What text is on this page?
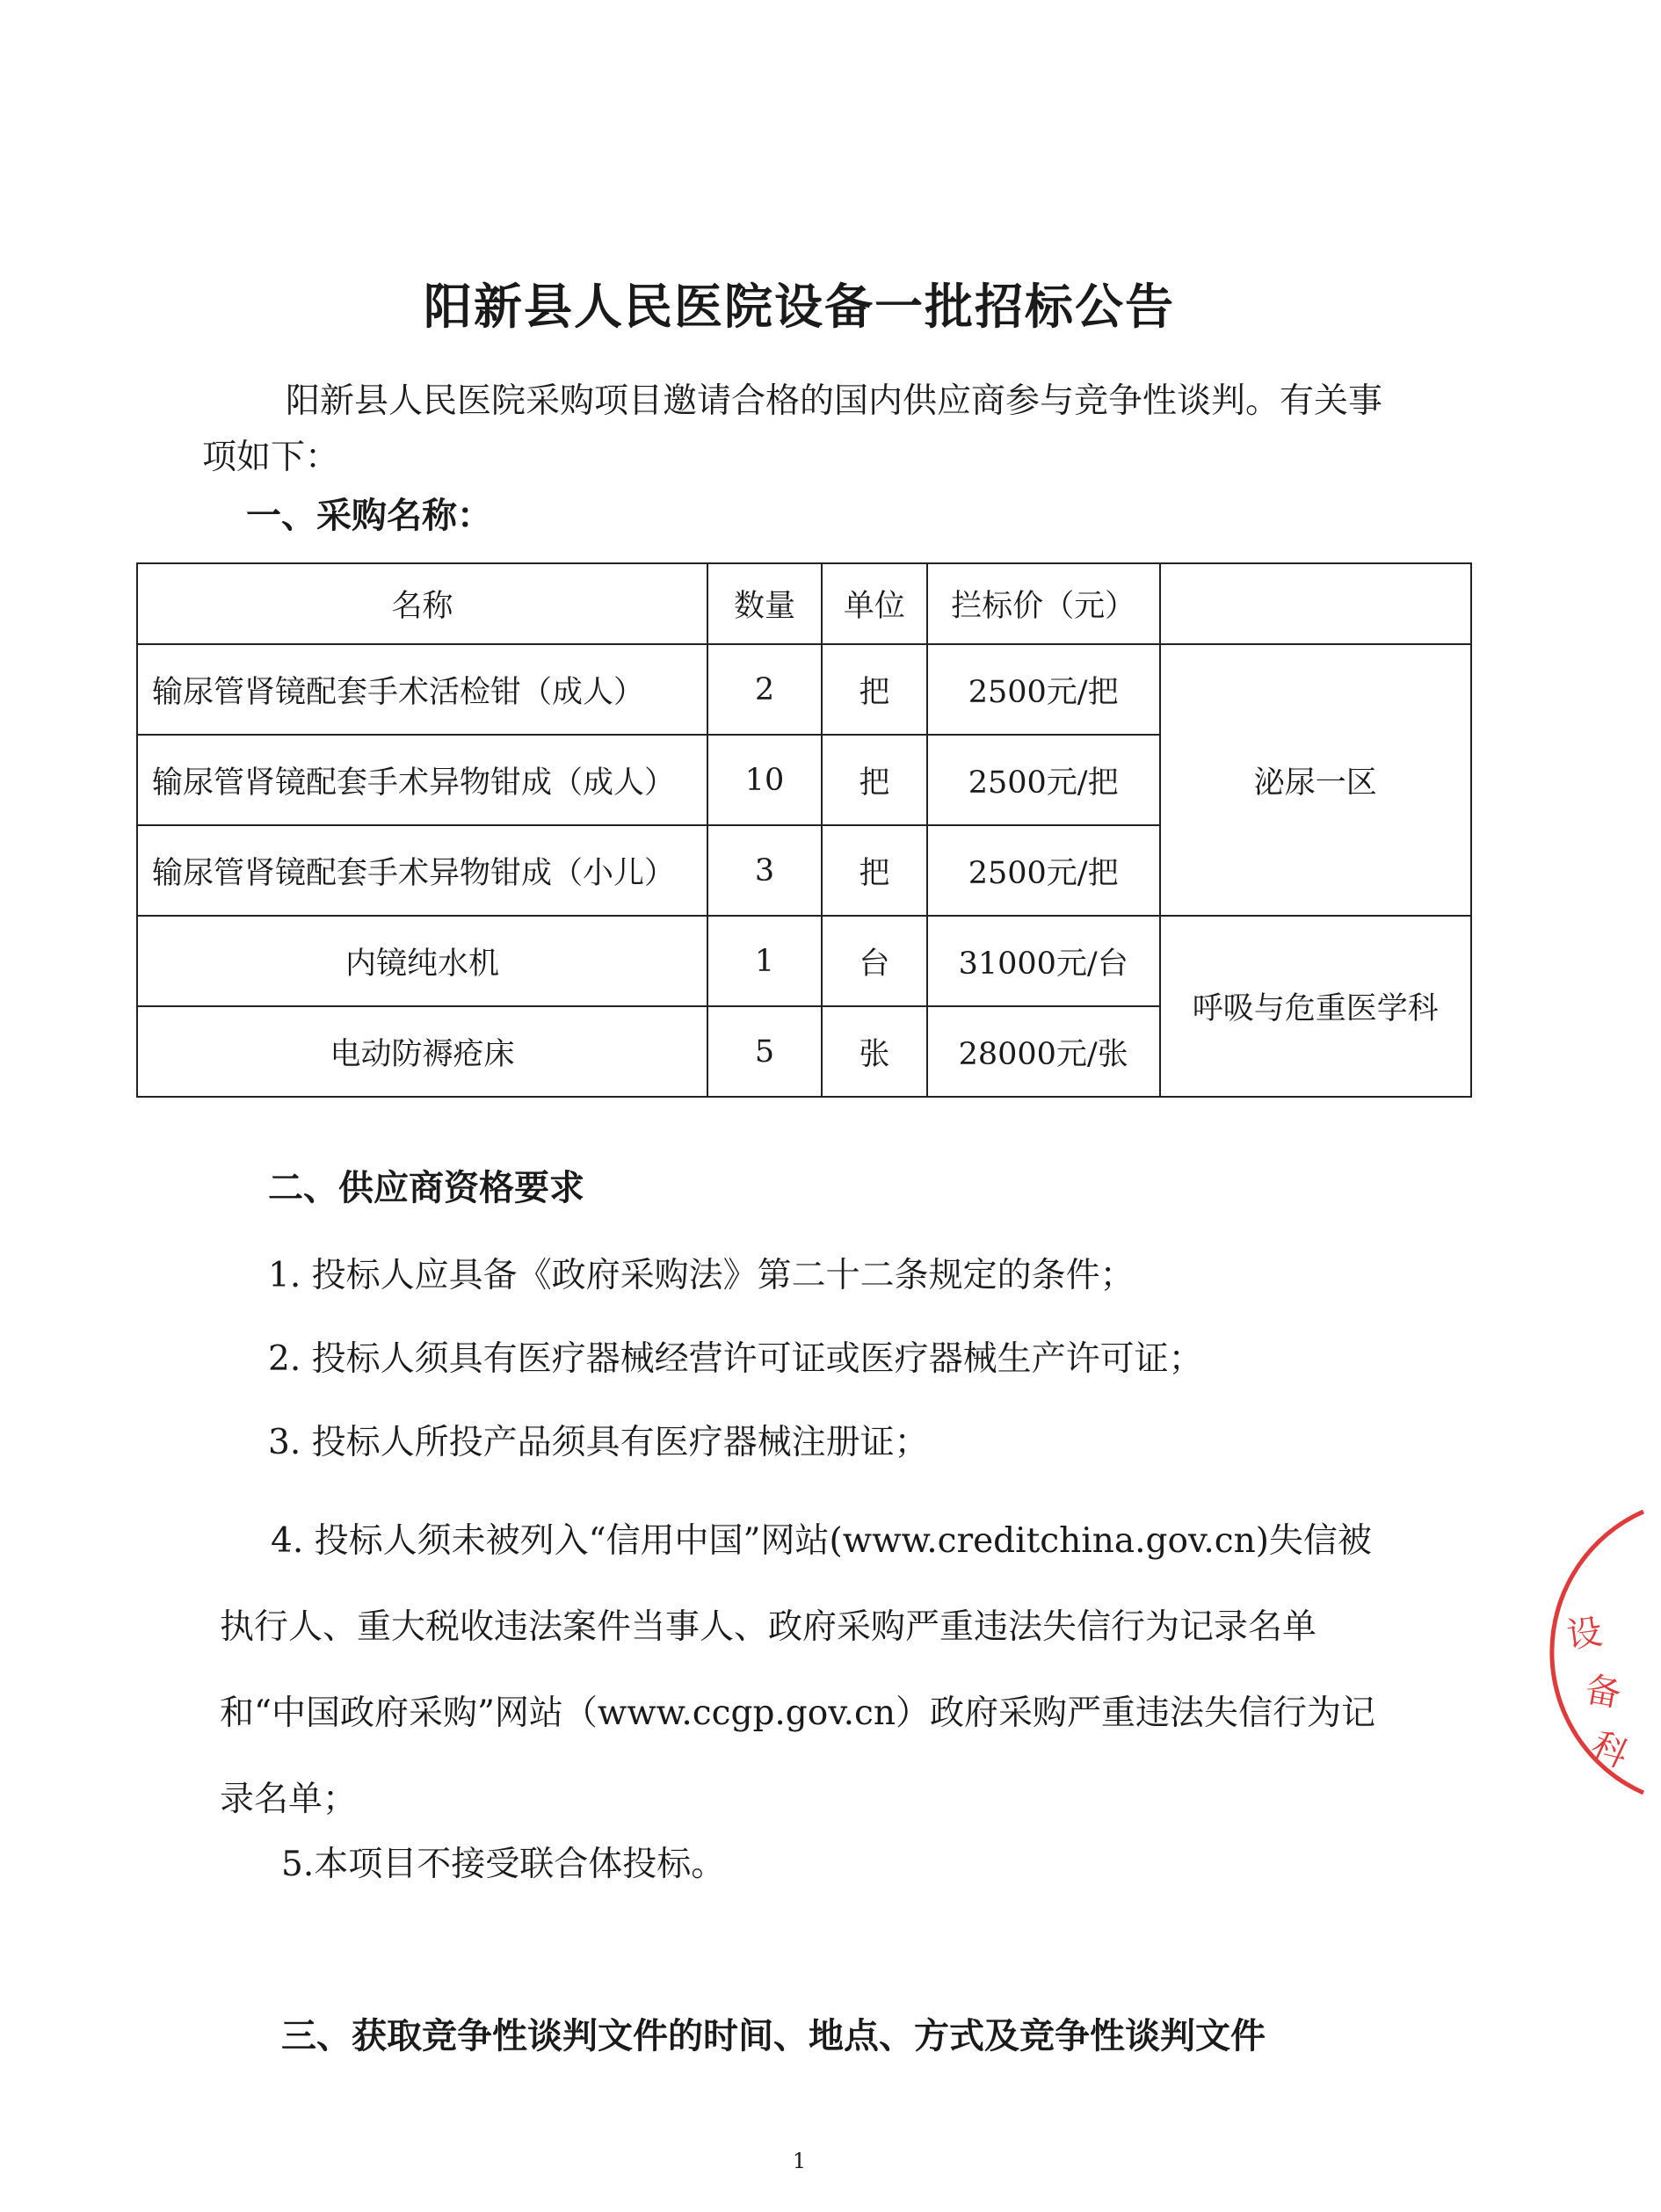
阳新县人民医院设备一批招标公告
阳新县人民医院采购项目邀请合格的国内供应商参与竞争性谈判。有关事项如下：
一、采购名称：
名称	数量	单位	拦标价（元）	
输尿管肾镜配套手术活检钳（成人）	2	把	2500元/把	泌尿一区
输尿管肾镜配套手术异物钳成（成人）	10	把	2500元/把	
输尿管肾镜配套手术异物钳成（小儿）	3	把	2500元/把	
内镜纯水机	1	台	31000元/台	呼吸与危重医学科
电动防褥疮床	5	张	28000元/张	
二、供应商资格要求
1. 投标人应具备《政府采购法》第二十二条规定的条件；
2. 投标人须具有医疗器械经营许可证或医疗器械生产许可证；
3. 投标人所投产品须具有医疗器械注册证；
4. 投标人须未被列入“信用中国”网站(www.creditchina.gov.cn)失信被执行人、重大税收违法案件当事人、政府采购严重违法失信行为记录名单和“中国政府采购”网站（www.ccgp.gov.cn）政府采购严重违法失信行为记录名单；
5.本项目不接受联合体投标。
三、获取竞争性谈判文件的时间、地点、方式及竞争性谈判文件
设
备
科
1
